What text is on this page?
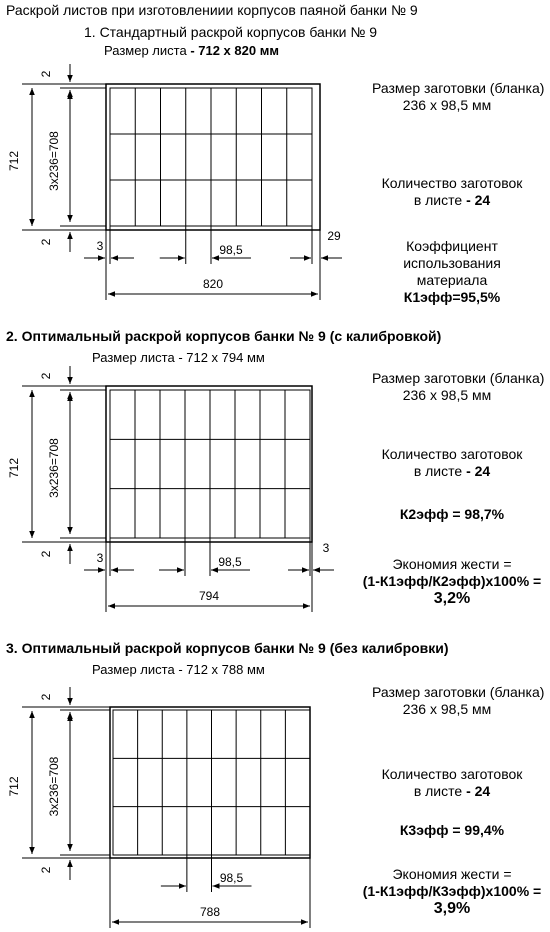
Раскрой листов при изготовлениии корпусов паяной банки № 9
1. Стандартный раскрой корпусов банки № 9
Размер листа - 712 x 820 мм
Размер заготовки (бланка)
236 x 98,5 мм
Количество заготовок
в листе - 24
Коэффициент
использования
материала
К1эфф=95,5%
2. Оптимальный раскрой корпусов банки № 9 (с калибровкой)
Размер листа - 712 x 794 мм
Размер заготовки (бланка)
236 x 98,5 мм
Количество заготовок
в листе - 24
К2эфф = 98,7%
Экономия жести =
(1-К1эфф/К2эфф)x100% =
3,2%
3. Оптимальный раскрой корпусов банки № 9 (без калибровки)
Размер листа - 712 x 788 мм
Размер заготовки (бланка)
236 x 98,5 мм
Количество заготовок
в листе - 24
К3эфф = 99,4%
Экономия жести =
(1-К1эфф/К3эфф)x100% =
3,9%
712 3x236=708
2
2	3	98,5
29
820
712 3x236=708
2
2	3	98,5
3
794
712 3x236=708
2
2
98,5
788
